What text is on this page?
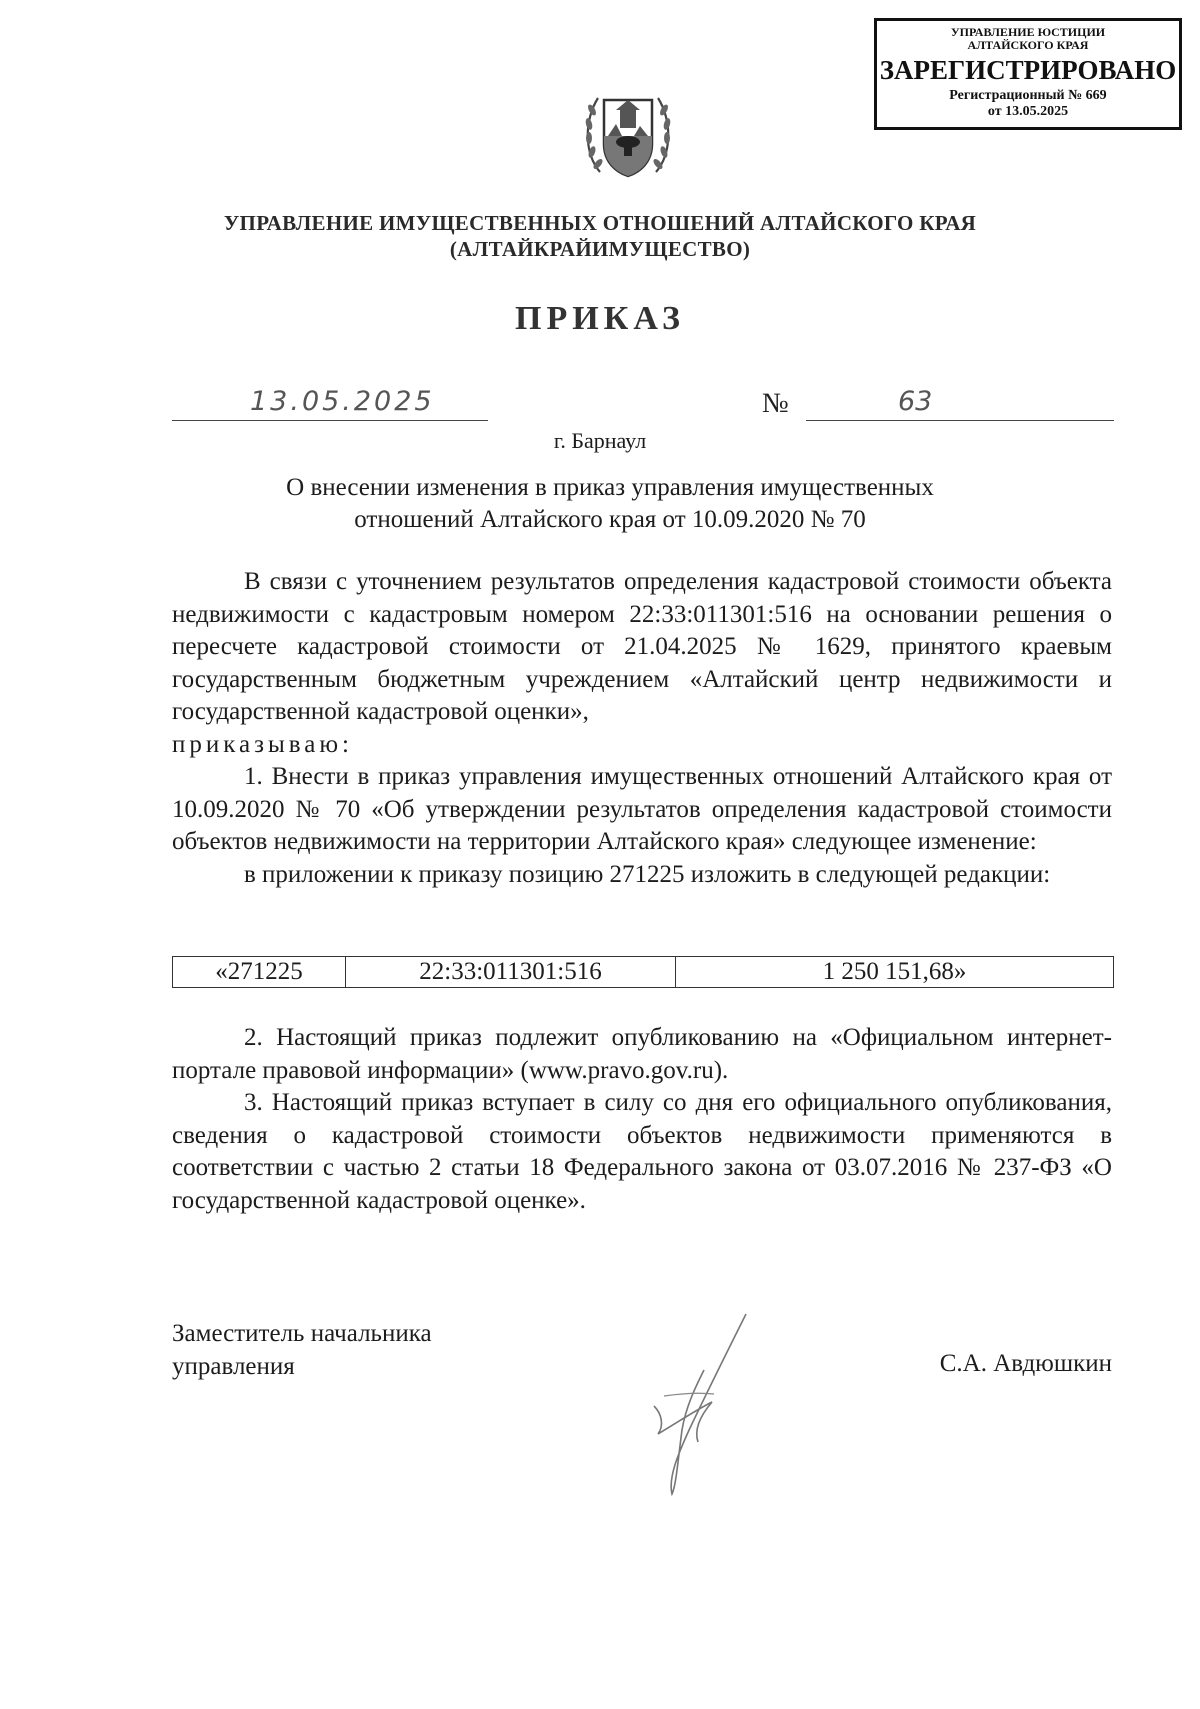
УПРАВЛЕНИЕ ЮСТИЦИИ
АЛТАЙСКОГО КРАЯ
ЗАРЕГИСТРИРОВАНО
Регистрационный № 669
от 13.05.2025
УПРАВЛЕНИЕ ИМУЩЕСТВЕННЫХ ОТНОШЕНИЙ АЛТАЙСКОГО КРАЯ
(АЛТАЙКРАЙИМУЩЕСТВО)
ПРИКАЗ
13.05.2025	№	63
г. Барнаул
О внесении изменения в приказ управления имущественных отношений Алтайского края от 10.09.2020 № 70

В связи с уточнением результатов определения кадастровой стоимости объекта недвижимости с кадастровым номером 22:33:011301:516 на основании решения о пересчете кадастровой стоимости от 21.04.2025 № 1629, принятого краевым государственным бюджетным учреждением «Алтайский центр недвижимости и государственной кадастровой оценки»,

приказываю:

1. Внести в приказ управления имущественных отношений Алтайского края от 10.09.2020 № 70 «Об утверждении результатов определения кадастровой стоимости объектов недвижимости на территории Алтайского края» следующее изменение:

в приложении к приказу позицию 271225 изложить в следующей редакции:

«271225	22:33:011301:516	1 250 151,68»

2. Настоящий приказ подлежит опубликованию на «Официальном интернет-портале правовой информации» (www.pravo.gov.ru).

3. Настоящий приказ вступает в силу со дня его официального опубликования, сведения о кадастровой стоимости объектов недвижимости применяются в соответствии с частью 2 статьи 18 Федерального закона от 03.07.2016 № 237-ФЗ «О государственной кадастровой оценке».

Заместитель начальника
управления	С.А. Авдюшкин
